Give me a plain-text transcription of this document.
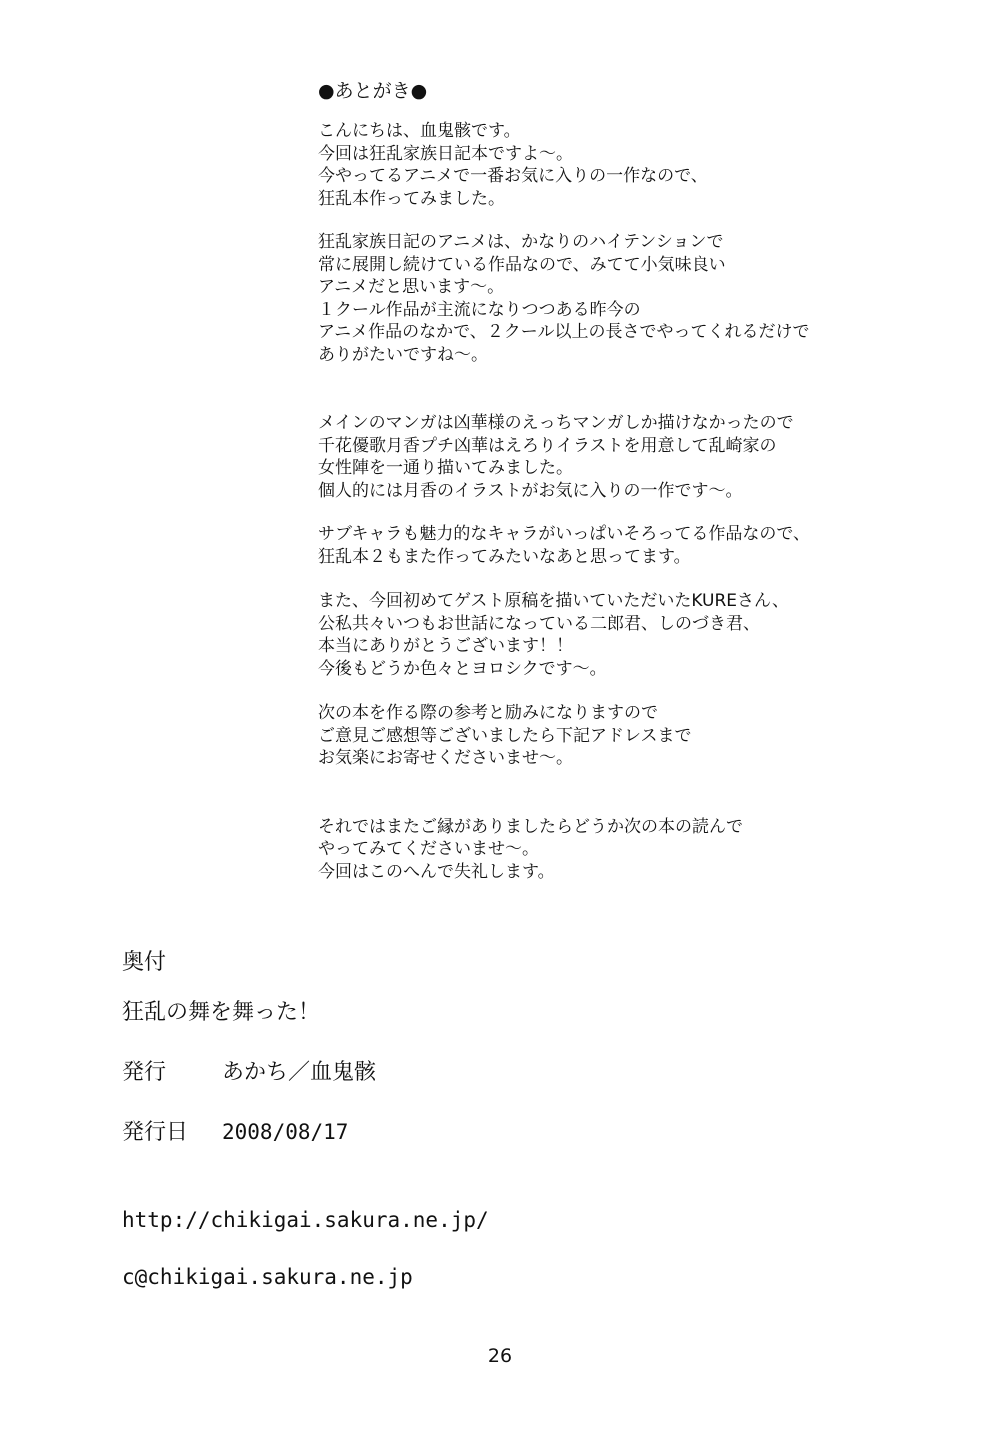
●あとがき●
こんにちは、血鬼骸です。
今回は狂乱家族日記本ですよ～。
今やってるアニメで一番お気に入りの一作なので、
狂乱本作ってみました。
狂乱家族日記のアニメは、かなりのハイテンションで
常に展開し続けている作品なので、みてて小気味良い
アニメだと思います～。
１クール作品が主流になりつつある昨今の
アニメ作品のなかで、２クール以上の長さでやってくれるだけで
ありがたいですね～。
メインのマンガは凶華様のえっちマンガしか描けなかったので
千花優歌月香プチ凶華はえろりイラストを用意して乱崎家の
女性陣を一通り描いてみました。
個人的には月香のイラストがお気に入りの一作です～。
サブキャラも魅力的なキャラがいっぱいそろってる作品なので、
狂乱本２もまた作ってみたいなあと思ってます。
また、今回初めてゲスト原稿を描いていただいたKUREさん、
公私共々いつもお世話になっている二郎君、しのづき君、
本当にありがとうございます！！
今後もどうか色々とヨロシクです～。
次の本を作る際の参考と励みになりますので
ご意見ご感想等ございましたら下記アドレスまで
お気楽にお寄せくださいませ～。
それではまたご縁がありましたらどうか次の本の読んで
やってみてくださいませ～。
今回はこのへんで失礼します。
奥付
狂乱の舞を舞った！
発行	あかち／血鬼骸
発行日 2008/08/17
http://chikigai.sakura.ne.jp/
c@chikigai.sakura.ne.jp
26
